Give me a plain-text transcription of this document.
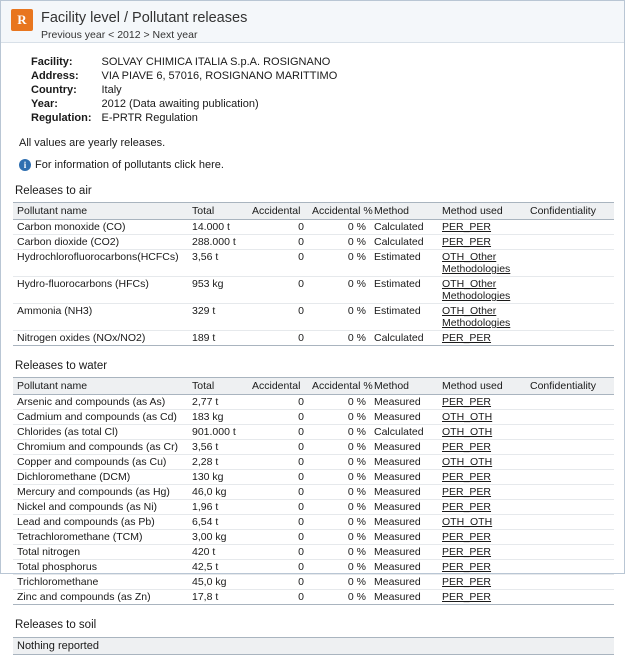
R Facility level / Pollutant releases
Previous year < 2012 > Next year
Facility:	SOLVAY CHIMICA ITALIA S.p.A. ROSIGNANO
Address:	VIA PIAVE 6, 57016, ROSIGNANO MARITTIMO
Country:	Italy
Year:	2012 (Data awaiting publication)
Regulation:	E-PRTR Regulation
All values are yearly releases.
i For information of pollutants click here.
Releases to air
Pollutant name	Total	Accidental	Accidental %	Method	Method used	Confidentiality
Carbon monoxide (CO)	14.000 t	0	0 %	Calculated	PER_PER	
Carbon dioxide (CO2)	288.000 t	0	0 %	Calculated	PER_PER	
Hydrochlorofluorocarbons(HCFCs)	3,56 t	0	0 %	Estimated	OTH_Other Methodologies	
Hydro-fluorocarbons (HFCs)	953 kg	0	0 %	Estimated	OTH_Other Methodologies	
Ammonia (NH3)	329 t	0	0 %	Estimated	OTH_Other Methodologies	
Nitrogen oxides (NOx/NO2)	189 t	0	0 %	Calculated	PER_PER	
Releases to water
Pollutant name	Total	Accidental	Accidental %	Method	Method used	Confidentiality
Arsenic and compounds (as As)	2,77 t	0	0 %	Measured	PER_PER	
Cadmium and compounds (as Cd)	183 kg	0	0 %	Measured	OTH_OTH	
Chlorides (as total Cl)	901.000 t	0	0 %	Calculated	OTH_OTH	
Chromium and compounds (as Cr)	3,56 t	0	0 %	Measured	PER_PER	
Copper and compounds (as Cu)	2,28 t	0	0 %	Measured	OTH_OTH	
Dichloromethane (DCM)	130 kg	0	0 %	Measured	PER_PER	
Mercury and compounds (as Hg)	46,0 kg	0	0 %	Measured	PER_PER	
Nickel and compounds (as Ni)	1,96 t	0	0 %	Measured	PER_PER	
Lead and compounds (as Pb)	6,54 t	0	0 %	Measured	OTH_OTH	
Tetrachloromethane (TCM)	3,00 kg	0	0 %	Measured	PER_PER	
Total nitrogen	420 t	0	0 %	Measured	PER_PER	
Total phosphorus	42,5 t	0	0 %	Measured	PER_PER	
Trichloromethane	45,0 kg	0	0 %	Measured	PER_PER	
Zinc and compounds (as Zn)	17,8 t	0	0 %	Measured	PER_PER	
Releases to soil
Nothing reported
